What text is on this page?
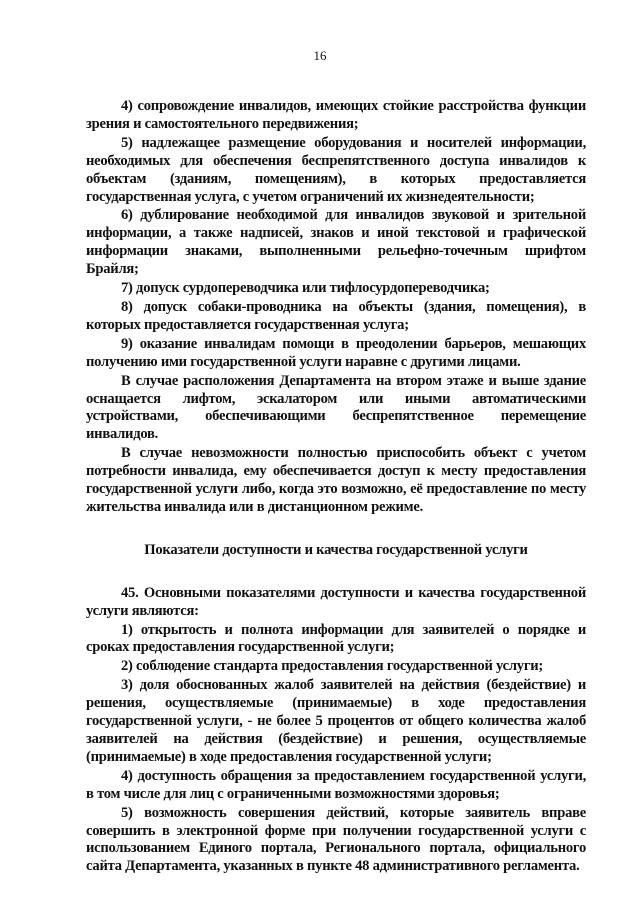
16

4) сопровождение инвалидов, имеющих стойкие расстройства функции зрения и самостоятельного передвижения;

5) надлежащее размещение оборудования и носителей информации, необходимых для обеспечения беспрепятственного доступа инвалидов к объектам (зданиям, помещениям), в которых предоставляется государственная услуга, с учетом ограничений их жизнедеятельности;

6) дублирование необходимой для инвалидов звуковой и зрительной информации, а также надписей, знаков и иной текстовой и графической информации знаками, выполненными рельефно-точечным шрифтом Брайля;

7) допуск сурдопереводчика или тифлосурдопереводчика;

8) допуск собаки-проводника на объекты (здания, помещения), в которых предоставляется государственная услуга;

9) оказание инвалидам помощи в преодолении барьеров, мешающих получению ими государственной услуги наравне с другими лицами.

В случае расположения Департамента на втором этаже и выше здание оснащается лифтом, эскалатором или иными автоматическими устройствами, обеспечивающими беспрепятственное перемещение инвалидов.

В случае невозможности полностью приспособить объект с учетом потребности инвалида, ему обеспечивается доступ к месту предоставления государственной услуги либо, когда это возможно, её предоставление по месту жительства инвалида или в дистанционном режиме.

Показатели доступности и качества государственной услуги

45. Основными показателями доступности и качества государственной услуги являются:

1) открытость и полнота информации для заявителей о порядке и сроках предоставления государственной услуги;

2) соблюдение стандарта предоставления государственной услуги;

3) доля обоснованных жалоб заявителей на действия (бездействие) и решения, осуществляемые (принимаемые) в ходе предоставления государственной услуги, - не более 5 процентов от общего количества жалоб заявителей на действия (бездействие) и решения, осуществляемые (принимаемые) в ходе предоставления государственной услуги;

4) доступность обращения за предоставлением государственной услуги, в том числе для лиц с ограниченными возможностями здоровья;

5) возможность совершения действий, которые заявитель вправе совершить в электронной форме при получении государственной услуги с использованием Единого портала, Регионального портала, официального сайта Департамента, указанных в пункте 48 административного регламента.
